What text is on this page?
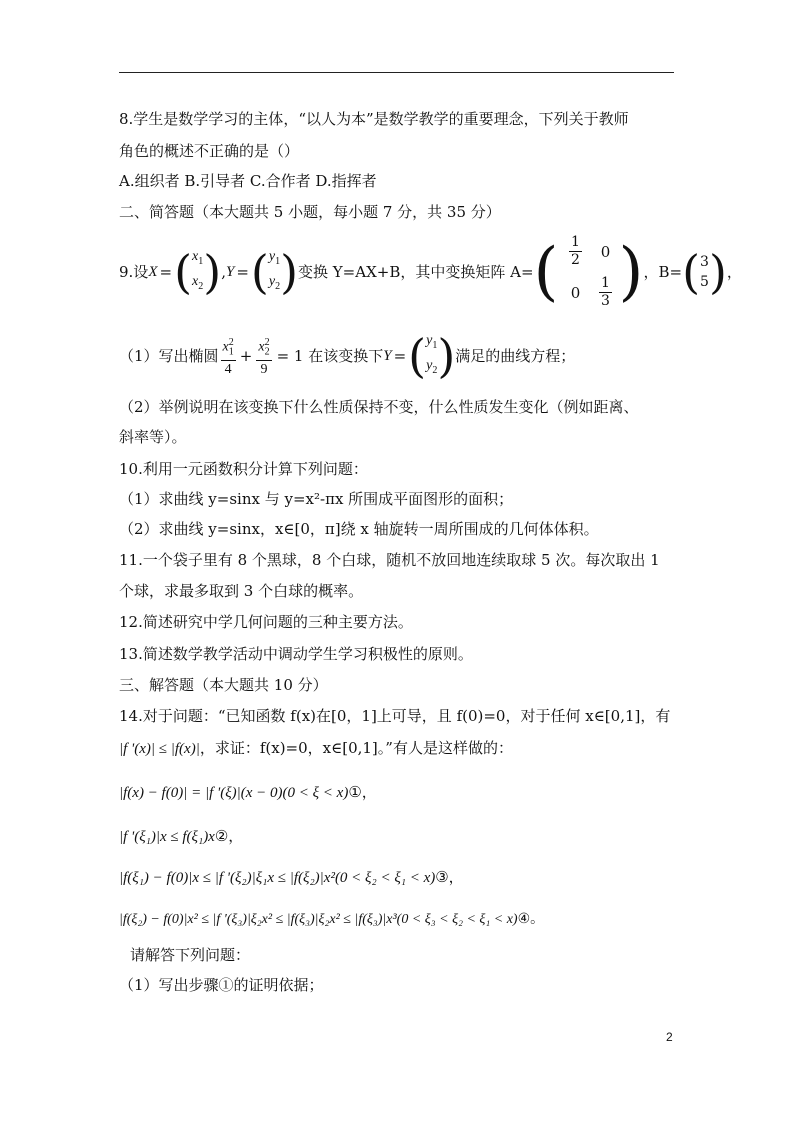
8.学生是数学学习的主体，“以人为本”是数学教学的重要理念，下列关于教师
角色的概述不正确的是（）
A.组织者 B.引导者 C.合作者 D.指挥者
二、简答题（本大题共 5 小题，每小题 7 分，共 35 分）
9.设 X = ( $x_1$
$x_2$ ) , Y = ( $y_1$
$y_2$ ) 变换 Y=AX+B，其中变换矩阵 A= ( $\frac{1}{2} 0$
$0 \frac{1}{3}$ ) ，B= ( 3
5 ) ，
（1）写出椭圆 $\frac{x_1^2}{4} + \frac{x_2^2}{9} = 1$ 在该变换下 Y = ( $y_1$
$y_2$ ) 满足的曲线方程；
（2）举例说明在该变换下什么性质保持不变，什么性质发生变化（例如距离、
斜率等）。
10.利用一元函数积分计算下列问题：
（1）求曲线 y=sinx 与 y=x²-πx 所围成平面图形的面积；
（2）求曲线 y=sinx，x∈[0，π]绕 x 轴旋转一周所围成的几何体体积。
11.一个袋子里有 8 个黑球，8 个白球，随机不放回地连续取球 5 次。每次取出 1
个球，求最多取到 3 个白球的概率。
12.简述研究中学几何问题的三种主要方法。
13.简述数学教学活动中调动学生学习积极性的原则。
三、解答题（本大题共 10 分）
14.对于问题：“已知函数 f(x)在[0，1]上可导，且 f(0)=0，对于任何 x∈[0,1]，有
|f '(x)| ≤ |f(x)|，求证：f(x)=0，x∈[0,1]。”有人是这样做的：
|f(x) − f(0)| = |f '(ξ)|(x − 0)(0 < ξ < x)①，
|f '(ξ₁)|x ≤ f(ξ₁)x②，
|f(ξ₁) − f(0)|x ≤ |f '(ξ₂)|ξ₁x ≤ |f(ξ₂)|x²(0 < ξ₂ < ξ₁ < x)③，
|f(ξ₂) − f(0)|x² ≤ |f '(ξ₃)|ξ₂x² ≤ |f(ξ₃)|ξ₂x² ≤ |f(ξ₃)|x³(0 < ξ₃ < ξ₂ < ξ₁ < x)④。
请解答下列问题：
（1）写出步骤①的证明依据；
2
